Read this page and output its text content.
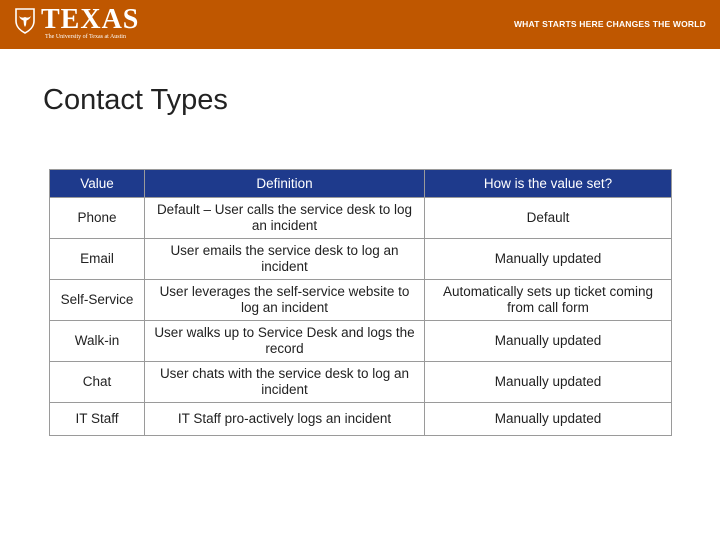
TEXAS
The University of Texas at Austin
WHAT STARTS HERE CHANGES THE WORLD
Contact Types
Value	Definition	How is the value set?
Phone	Default – User calls the service desk to log an incident	Default
Email	User emails the service desk to log an incident	Manually updated
Self-Service	User leverages the self-service website to log an incident	Automatically sets up ticket coming from call form
Walk-in	User walks up to Service Desk and logs the record	Manually updated
Chat	User chats with the service desk to log an incident	Manually updated
IT Staff	IT Staff pro-actively logs an incident	Manually updated
